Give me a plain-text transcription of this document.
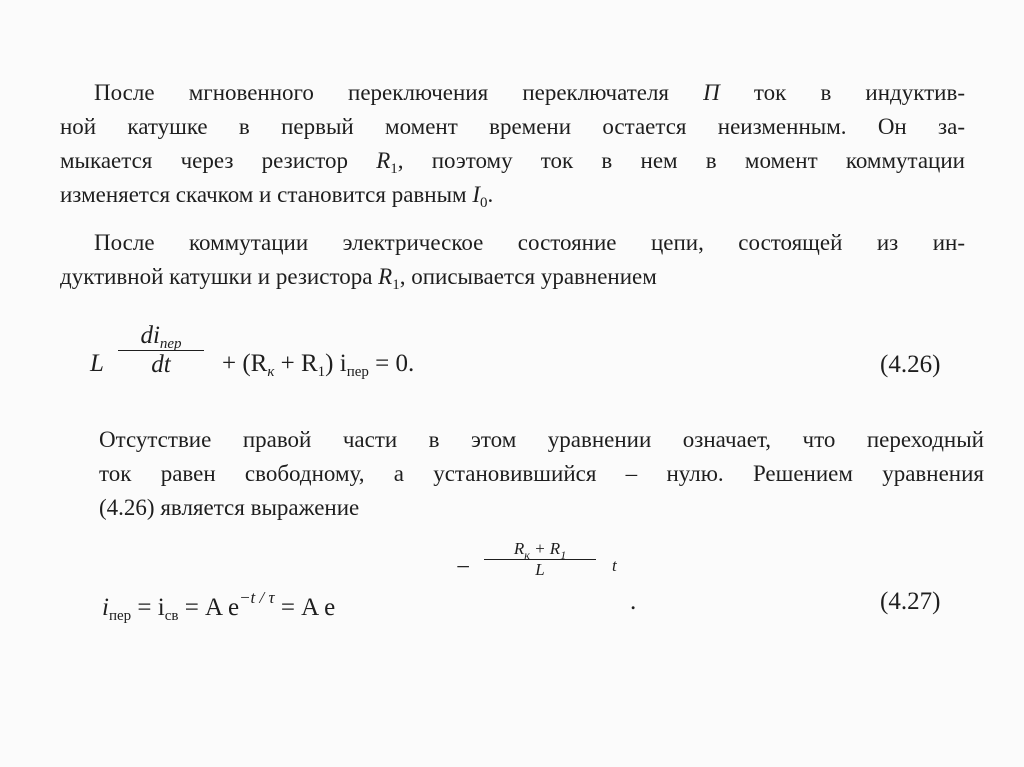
После мгновенного переключения переключателя П ток в индуктив-
ной катушке в первый момент времени остается неизменным. Он за-
мыкается через резистор $R_1$, поэтому ток в нем в момент коммутации
изменяется скачком и становится равным $I_0$.
После коммутации электрическое состояние цепи, состоящей из ин-
дуктивной катушки и резистора $R_1$, описывается уравнением
L
$di_{пер}$
dt	+ $(R_к + R_1) i_{пер} = 0$.	(4.26)
Отсутствие правой части в этом уравнении означает, что переходный
ток равен свободному, а установившийся – нулю. Решением уравнения
(4.26) является выражение
$i_{пер} = i_{св} = A$ $e^{-t / \tau} = A$ e
−
$R_к + R_1$
L	t
.	(4.27)
